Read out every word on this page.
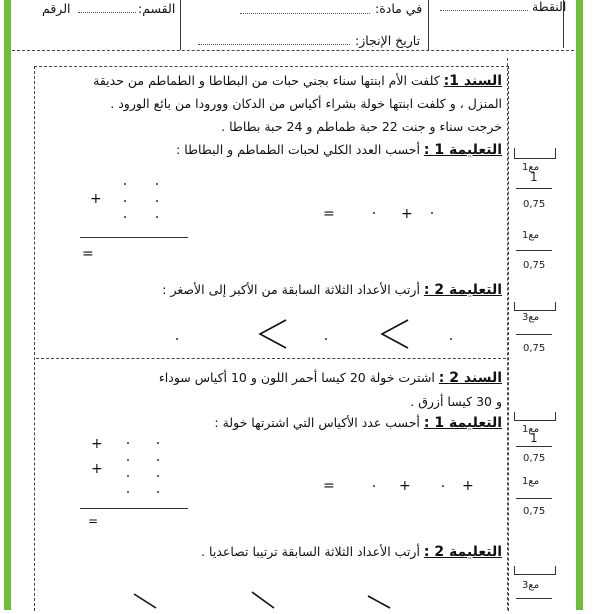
الرقم	القسم:	في مادة:	النقطة
تاريخ الإنجاز:
السند 1: كلفت الأم ابنتها سناء بجني حبات من البطاطا و الطماطم من حديقة
المنزل ، و كلفت ابنتها خولة بشراء أكياس من الدكان وورودا من بائع الورود .
خرجت سناء و جنت 22 حبة طماطم و 24 حبة بطاطا .
التعليمة 1 : أحسب العدد الكلي لحبات الطماطم و البطاطا :
+
=	+
=
التعليمة 2 : أرتب الأعداد الثلاثة السابقة من الأكبر إلى الأصغر :
السند 2 : اشترت خولة 20 كيسا أحمر اللون و 10 أكياس سوداء
و 30 كيسا أزرق .
التعليمة 1 : أحسب عدد الأكياس التي اشترتها خولة :
+
+
=	+	+
=
التعليمة 2 : أرتب الأعداد الثلاثة السابقة ترتيبا تصاعديا .
مع1
1
0,75
مع1
0,75
مع3
0,75
مع1
1
0,75
مع1
0,75
مع3
